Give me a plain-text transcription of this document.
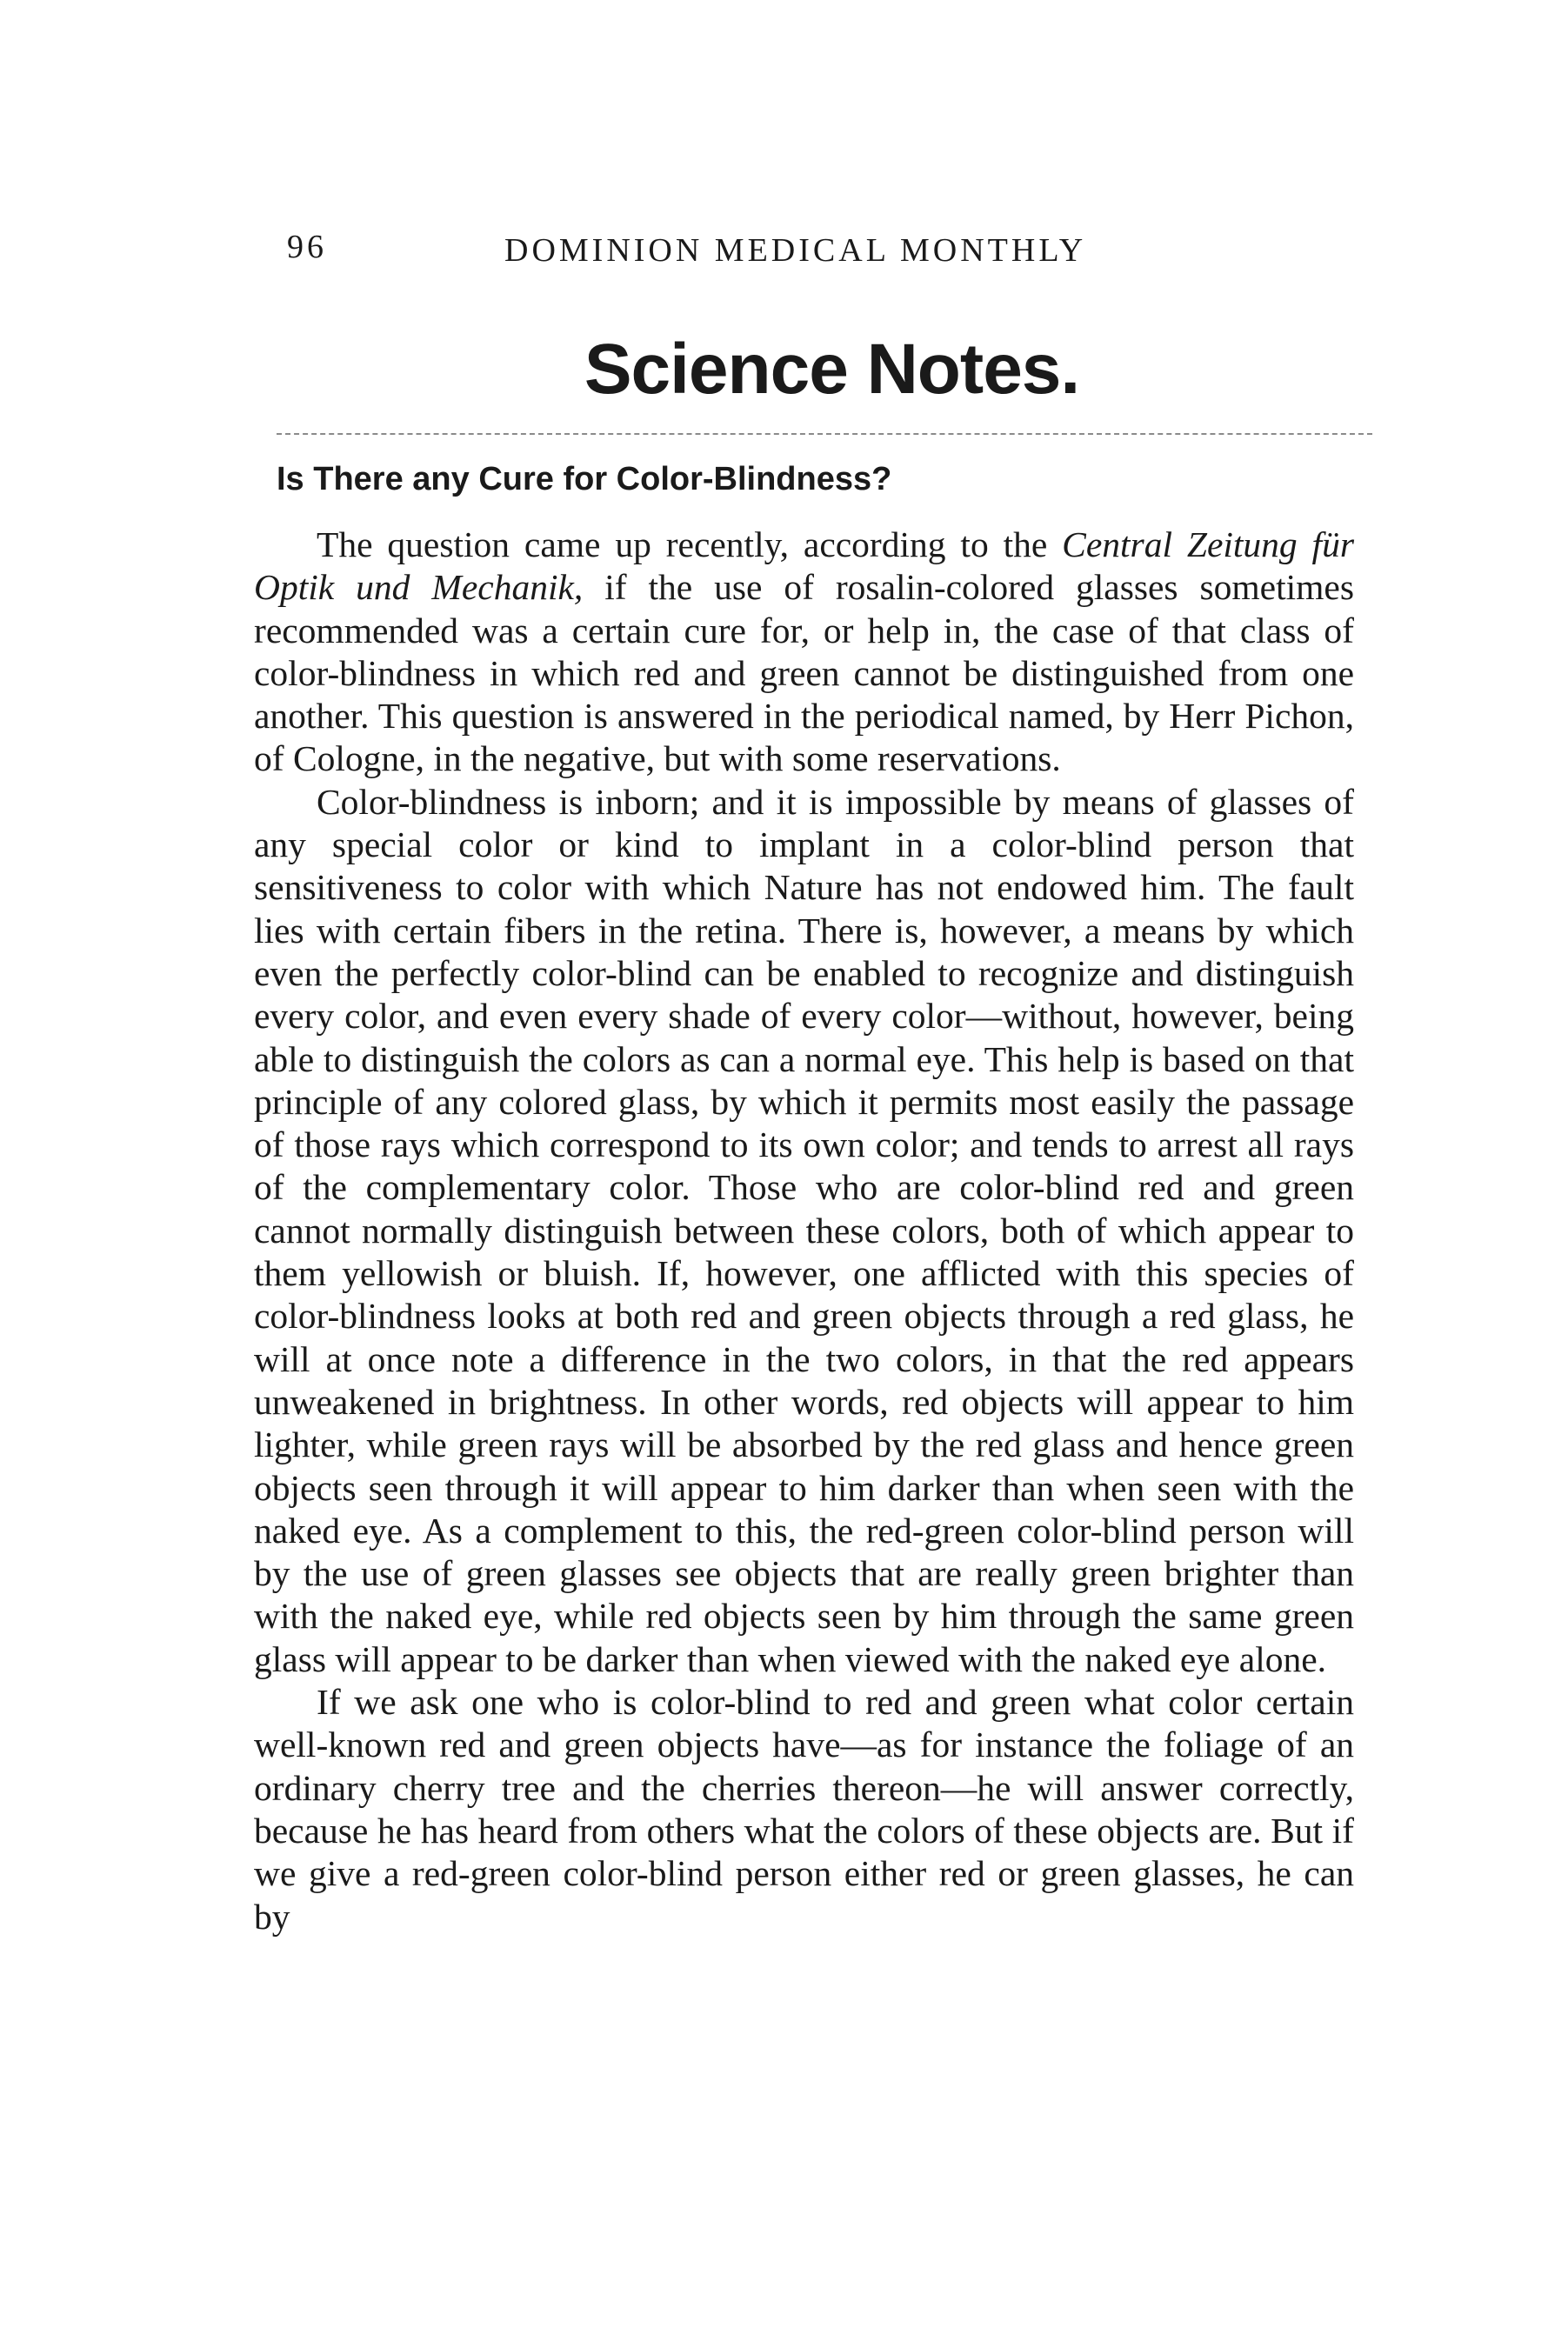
96	DOMINION MEDICAL MONTHLY
Science Notes.
Is There any Cure for Color-Blindness?

The question came up recently, according to the Central Zeitung für Optik und Mechanik, if the use of rosalin-colored glasses sometimes recommended was a certain cure for, or help in, the case of that class of color-blindness in which red and green cannot be distinguished from one another. This question is answered in the periodical named, by Herr Pichon, of Cologne, in the negative, but with some reservations.

Color-blindness is inborn; and it is impossible by means of glasses of any special color or kind to implant in a color-blind person that sensitiveness to color with which Nature has not endowed him. The fault lies with certain fibers in the retina. There is, however, a means by which even the perfectly color-blind can be enabled to recognize and distinguish every color, and even every shade of every color—without, however, being able to distinguish the colors as can a normal eye. This help is based on that principle of any colored glass, by which it permits most easily the passage of those rays which correspond to its own color; and tends to arrest all rays of the complementary color. Those who are color-blind red and green cannot normally distinguish between these colors, both of which appear to them yellowish or bluish. If, however, one afflicted with this species of color-blindness looks at both red and green objects through a red glass, he will at once note a difference in the two colors, in that the red appears unweakened in brightness. In other words, red objects will appear to him lighter, while green rays will be absorbed by the red glass and hence green objects seen through it will appear to him darker than when seen with the naked eye. As a complement to this, the red-green color-blind person will by the use of green glasses see objects that are really green brighter than with the naked eye, while red objects seen by him through the same green glass will appear to be darker than when viewed with the naked eye alone.

If we ask one who is color-blind to red and green what color certain well-known red and green objects have—as for instance the foliage of an ordinary cherry tree and the cherries thereon—he will answer correctly, because he has heard from others what the colors of these objects are. But if we give a red-green color-blind person either red or green glasses, he can by
